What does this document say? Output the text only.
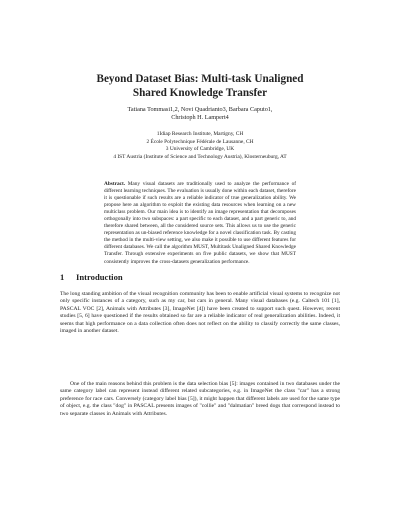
Beyond Dataset Bias: Multi-task Unaligned
Shared Knowledge Transfer
Tatiana Tommasi1,2, Novi Quadrianto3, Barbara Caputo1,
Christoph H. Lampert4
1Idiap Research Institute, Martigny, CH
2 École Polytechnique Fédérale de Lausanne, CH
3 University of Cambridge, UK
4 IST Austria (Institute of Science and Technology Austria), Klosterneuburg, AT
Abstract. Many visual datasets are traditionally used to analyze the performance of different learning techniques. The evaluation is usually done within each dataset, therefore it is questionable if such results are a reliable indicator of true generalization ability. We propose here an algorithm to exploit the existing data resources when learning on a new multiclass problem. Our main idea is to identify an image representation that decomposes orthogonally into two subspaces: a part specific to each dataset, and a part generic to, and therefore shared between, all the considered source sets. This allows us to use the generic representation as un-biased reference knowledge for a novel classification task. By casting the method in the multi-view setting, we also make it possible to use different features for different databases. We call the algorithm MUST, Multitask Unaligned Shared Knowledge Transfer. Through extensive experiments on five public datasets, we show that MUST consistently improves the cross-datasets generalization performance.
1 Introduction
The long standing ambition of the visual recognition community has been to enable artificial visual systems to recognize not only specific instances of a category, such as my car, but cars in general. Many visual databases (e.g. Caltech 101 [1], PASCAL VOC [2], Animals with Attributes [3], ImageNet [4]) have been created to support such quest. However, recent studies [5, 6] have questioned if the results obtained so far are a reliable indicator of real generalization abilities. Indeed, it seems that high performance on a data collection often does not reflect on the ability to classify correctly the same classes, imaged in another dataset.
One of the main reasons behind this problem is the data selection bias [5]: images contained in two databases under the same category label can represent instead different related subcategories, e.g. in ImageNet the class "car" has a strong preference for race cars. Conversely (category label bias [5]), it might happen that different labels are used for the same type of object, e.g. the class "dog" in PASCAL presents images of "collie" and "dalmatian" breed dogs that correspond instead to two separate classes in Animals with Attributes.
